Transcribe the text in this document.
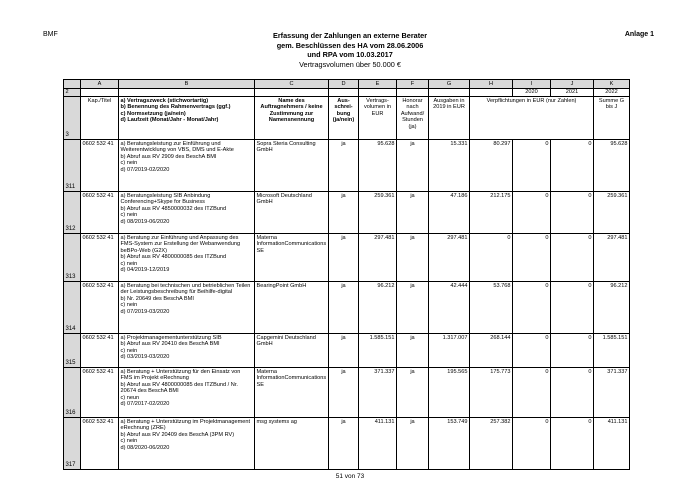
BMF	Anlage 1
Erfassung der Zahlungen an externe Berater
gem. Beschlüssen des HA vom 28.06.2006
und RPA vom 10.03.2017
Vertragsvolumen über 50.000 €
	A	B	C	D	E	F	G	H	I	J	K
2									2020	2021	2022
3	Kap./Titel	a) Vertragszweck (stichwortartig)
b) Benennung des Rahmenvertrags (ggf.)
c) Normsetzung (ja/nein)
d) Laufzeit (Monat/Jahr - Monat/Jahr)	Name des Auftragnehmers / keine Zustimmung zur Namensnennung	Aus-schrei-bung (ja/nein)	Vertrags-volumen in EUR	Honorar nach Aufwand/ Stunden (ja)	Ausgaben in 2019 in EUR	Verpflichtungen in EUR (nur Zahlen)			Summe G bis J
311	0602 532 41	a) Beratungsleistung zur Einführung und Weiterentwicklung von VBS, DMS und E-Akte
b) Abruf aus RV 2909 des BeschA BMI
c) nein
d) 07/2019-02/2020	Sopra Steria Consulting GmbH	ja	95.628	ja	15.331	80.297	0	0	95.628
312	0602 532 41	a) Beratungsleistung SIB Anbindung Conferencing+Skype for Business
b) Abruf aus RV 4850000032 des ITZBund
c) nein
d) 08/2019-06/2020	Microsoft Deutschland GmbH	ja	259.361	ja	47.186	212.175	0	0	259.361
313	0602 532 41	a) Beratung zur Einführung und Anpassung des FMS-System zur Erstellung der Webanwendung beBPo-Web (G2X)
b) Abruf aus RV 4800000085 des ITZBund
c) nein
d) 04/2019-12/2019	Materna InformationCommunications SE	ja	297.481	ja	297.481	0	0	0	297.481
314	0602 532 41	a) Beratung bei technischen und betrieblichen Teilen der Leistungsbeschreibung für Beihilfe-digital
b) Nr. 20649 des BeschA BMI
c) nein
d) 07/2019-03/2020	BearingPoint GmbH	ja	96.212	ja	42.444	53.768	0	0	96.212
315	0602 532 41	a) Projektmanagementunterstützung SIB
b) Abruf aus RV 20410 des BeschA BMI
c) nein
d) 03/2019-03/2020	Capgemini Deutschland GmbH	ja	1.585.151	ja	1.317.007	268.144	0	0	1.585.151
316	0602 532 41	a) Beratung + Unterstützung für den Einsatz von FMS im Projekt eRechnung
b) Abruf aus RV 4800000085 des ITZBund / Nr. 20674 des BeschA BMI
c) neun
d) 07/2017-02/2020	Materna InformationCommunications SE	ja	371.337	ja	195.565	175.773	0	0	371.337
317	0602 532 41	a) Beratung + Unterstützung im Projektmanagement eRechnung (ZRE)
b) Abruf aus RV 20409 des BeschA (3PM RV)
c) nein
d) 08/2020-06/2020	msg systems ag	ja	411.131	ja	153.749	257.382	0	0	411.131
51 von 73
